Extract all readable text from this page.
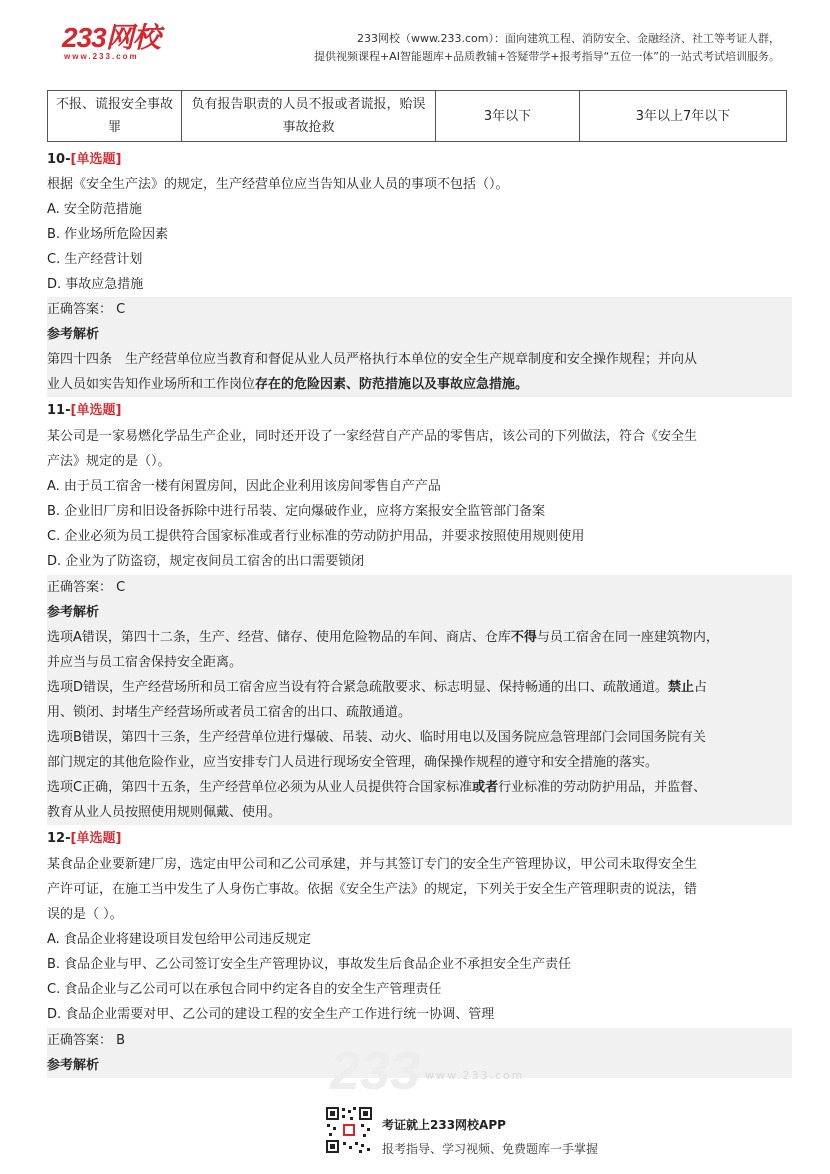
233网校
www.233.com
233网校（www.233.com）：面向建筑工程、消防安全、金融经济、社工等考证人群，
提供视频课程+AI智能题库+品质教辅+答疑带学+报考指导“五位一体”的一站式考试培训服务。
不报、谎报安全事故罪	负有报告职责的人员不报或者谎报，贻误事故抢救	3年以下	3年以上7年以下
10-[单选题]
根据《安全生产法》的规定，生产经营单位应当告知从业人员的事项不包括（）。
A. 安全防范措施
B. 作业场所危险因素
C. 生产经营计划
D. 事故应急措施
正确答案： C
参考解析
第四十四条　生产经营单位应当教育和督促从业人员严格执行本单位的安全生产规章制度和安全操作规程；并向从
业人员如实告知作业场所和工作岗位存在的危险因素、防范措施以及事故应急措施。
11-[单选题]
某公司是一家易燃化学品生产企业，同时还开设了一家经营自产产品的零售店，该公司的下列做法，符合《安全生
产法》规定的是（）。
A. 由于员工宿舍一楼有闲置房间，因此企业利用该房间零售自产产品
B. 企业旧厂房和旧设备拆除中进行吊装、定向爆破作业，应将方案报安全监管部门备案
C. 企业必须为员工提供符合国家标准或者行业标准的劳动防护用品，并要求按照使用规则使用
D. 企业为了防盗窃，规定夜间员工宿舍的出口需要锁闭
正确答案： C
参考解析
选项A错误，第四十二条，生产、经营、储存、使用危险物品的车间、商店、仓库不得与员工宿舍在同一座建筑物内，
并应当与员工宿舍保持安全距离。
选项D错误，生产经营场所和员工宿舍应当设有符合紧急疏散要求、标志明显、保持畅通的出口、疏散通道。禁止占
用、锁闭、封堵生产经营场所或者员工宿舍的出口、疏散通道。
选项B错误，第四十三条，生产经营单位进行爆破、吊装、动火、临时用电以及国务院应急管理部门会同国务院有关
部门规定的其他危险作业，应当安排专门人员进行现场安全管理，确保操作规程的遵守和安全措施的落实。
选项C正确，第四十五条，生产经营单位必须为从业人员提供符合国家标准或者行业标准的劳动防护用品，并监督、
教育从业人员按照使用规则佩戴、使用。
12-[单选题]
某食品企业要新建厂房，选定由甲公司和乙公司承建，并与其签订专门的安全生产管理协议，甲公司未取得安全生
产许可证，在施工当中发生了人身伤亡事故。依据《安全生产法》的规定，下列关于安全生产管理职责的说法，错
误的是（ ）。
A. 食品企业将建设项目发包给甲公司违反规定
B. 食品企业与甲、乙公司签订安全生产管理协议，事故发生后食品企业不承担安全生产责任
C. 食品企业与乙公司可以在承包合同中约定各自的安全生产管理责任
D. 食品企业需要对甲、乙公司的建设工程的安全生产工作进行统一协调、管理
正确答案： B
参考解析	233 www.233.com
考证就上233网校APP
报考指导、学习视频、免费题库一手掌握
